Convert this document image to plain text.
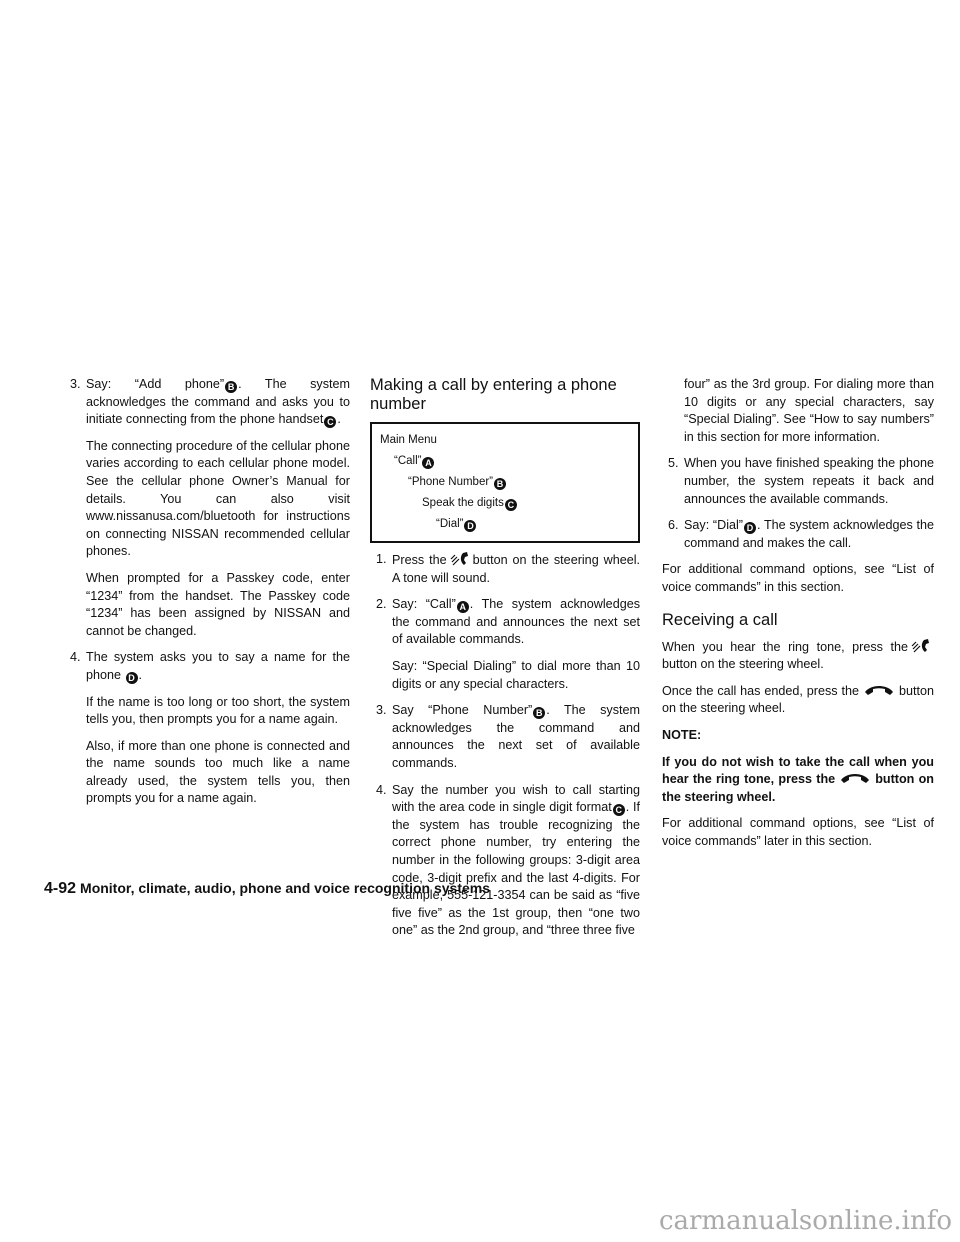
3. Say: “Add phone” B . The system acknowledges the command and asks you to initiate connecting from the phone handset C .
The connecting procedure of the cellular phone varies according to each cellular phone model. See the cellular phone Owner’s Manual for details. You can also visit www.nissanusa.com/bluetooth for instructions on connecting NISSAN recommended cellular phones.
When prompted for a Passkey code, enter “1234” from the handset. The Passkey code “1234” has been assigned by NISSAN and cannot be changed.
4. The system asks you to say a name for the phone D .
If the name is too long or too short, the system tells you, then prompts you for a name again.
Also, if more than one phone is connected and the name sounds too much like a name already used, the system tells you, then prompts you for a name again.
Making a call by entering a phone number
Main Menu
“Call” A
“Phone Number” B
Speak the digits C
“Dial” D
1. Press the button on the steering wheel. A tone will sound.
2. Say: “Call” A . The system acknowledges the command and announces the next set of available commands.
Say: “Special Dialing” to dial more than 10 digits or any special characters.
3. Say “Phone Number” B . The system acknowledges the command and announces the next set of available commands.
4. Say the number you wish to call starting with the area code in single digit format C . If the system has trouble recognizing the correct phone number, try entering the number in the following groups: 3-digit area code, 3-digit prefix and the last 4-digits. For example, 555-121-3354 can be said as “five five five” as the 1st group, then “one two one” as the 2nd group, and “three three five
four” as the 3rd group. For dialing more than 10 digits or any special characters, say “Special Dialing”. See “How to say numbers” in this section for more information.
5. When you have finished speaking the phone number, the system repeats it back and announces the available commands.
6. Say: “Dial” D . The system acknowledges the command and makes the call.

For additional command options, see “List of voice commands” in this section.

Receiving a call

When you hear the ring tone, press the button on the steering wheel.

Once the call has ended, press the	button on the steering wheel.

NOTE:
If you do not wish to take the call when you hear the ring tone, press the	button on the steering wheel.

For additional command options, see “List of voice commands” later in this section.

4-92 Monitor, climate, audio, phone and voice recognition systems
carmanualsonline.info
